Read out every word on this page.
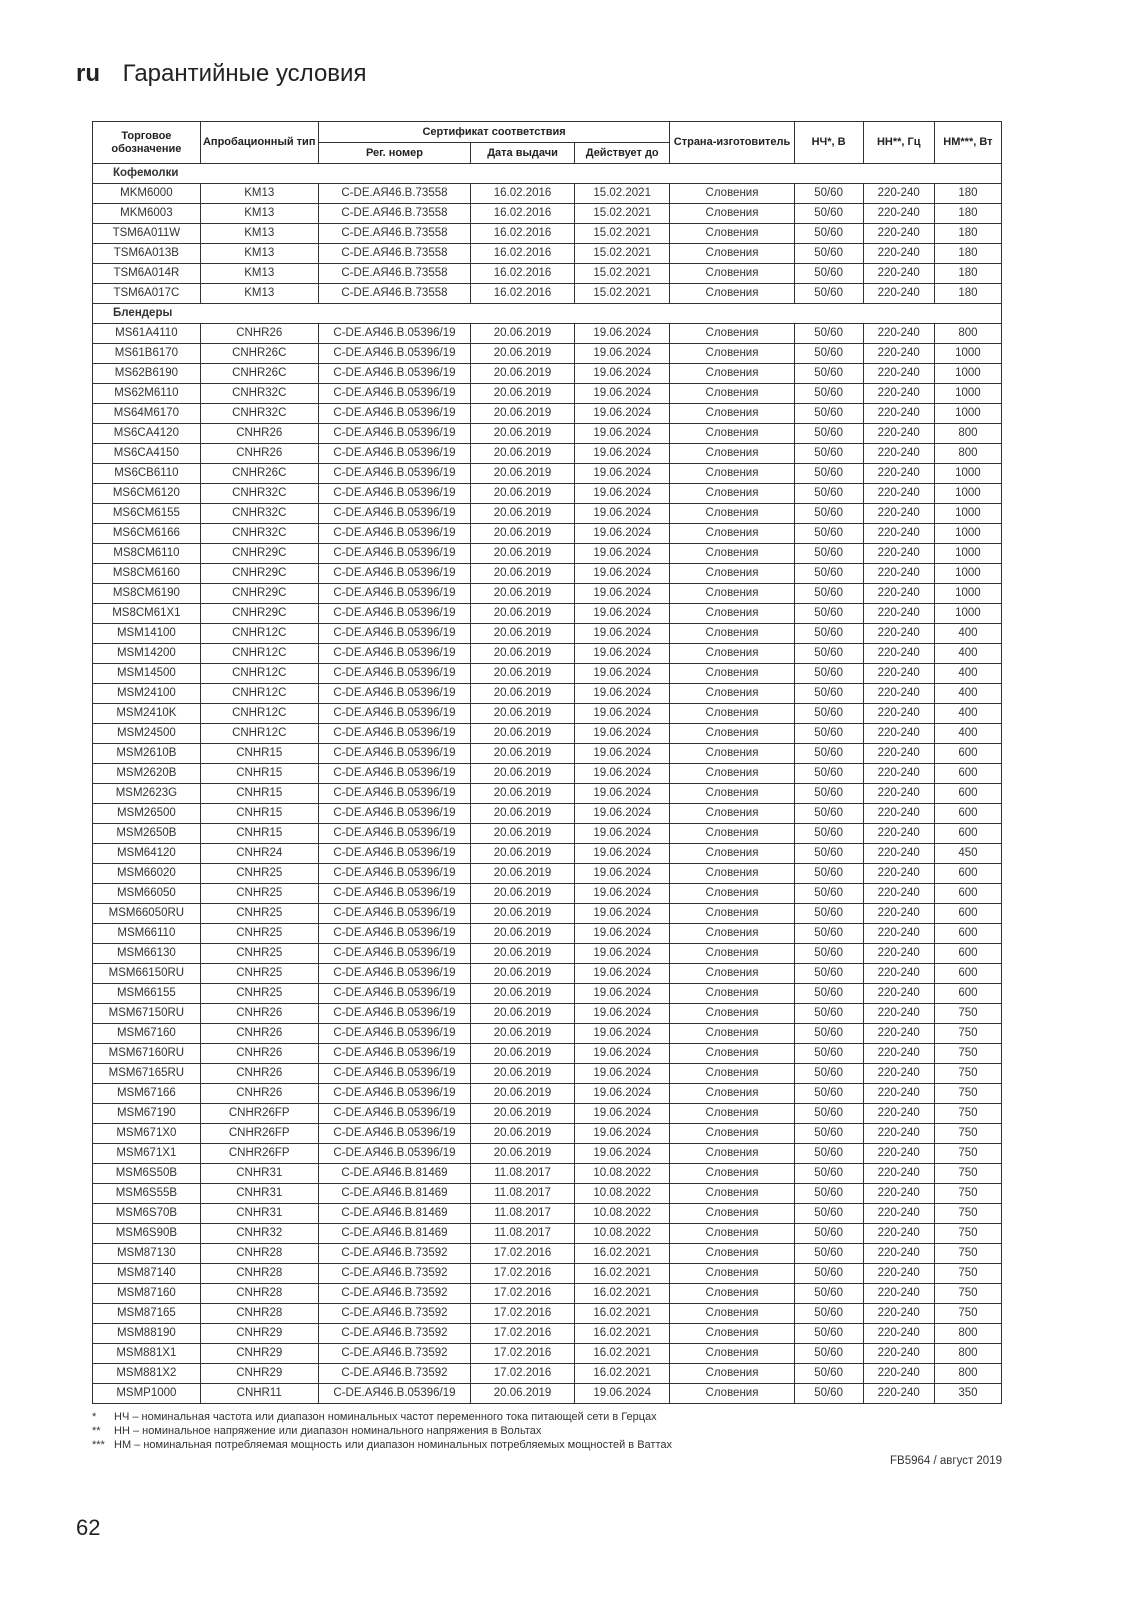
ru Гарантийные условия
Торговое обозначение	Апробационный тип	Сертификат соответствия			Страна-изготовитель	НЧ*, В	НН**, Гц	НМ***, Вт
		Рег. номер	Дата выдачи	Действует до				
Кофемолки								
MKM6000	KM13	C-DE.АЯ46.В.73558	16.02.2016	15.02.2021	Словения	50/60	220-240	180
MKM6003	KM13	C-DE.АЯ46.В.73558	16.02.2016	15.02.2021	Словения	50/60	220-240	180
TSM6A011W	KM13	C-DE.АЯ46.В.73558	16.02.2016	15.02.2021	Словения	50/60	220-240	180
TSM6A013B	KM13	C-DE.АЯ46.В.73558	16.02.2016	15.02.2021	Словения	50/60	220-240	180
TSM6A014R	KM13	C-DE.АЯ46.В.73558	16.02.2016	15.02.2021	Словения	50/60	220-240	180
TSM6A017C	KM13	C-DE.АЯ46.В.73558	16.02.2016	15.02.2021	Словения	50/60	220-240	180
Блендеры								
MS61A4110	CNHR26	C-DE.АЯ46.В.05396/19	20.06.2019	19.06.2024	Словения	50/60	220-240	800
MS61B6170	CNHR26C	C-DE.АЯ46.В.05396/19	20.06.2019	19.06.2024	Словения	50/60	220-240	1000
MS62B6190	CNHR26C	C-DE.АЯ46.В.05396/19	20.06.2019	19.06.2024	Словения	50/60	220-240	1000
MS62M6110	CNHR32C	C-DE.АЯ46.В.05396/19	20.06.2019	19.06.2024	Словения	50/60	220-240	1000
MS64M6170	CNHR32C	C-DE.АЯ46.В.05396/19	20.06.2019	19.06.2024	Словения	50/60	220-240	1000
MS6CA4120	CNHR26	C-DE.АЯ46.В.05396/19	20.06.2019	19.06.2024	Словения	50/60	220-240	800
MS6CA4150	CNHR26	C-DE.АЯ46.В.05396/19	20.06.2019	19.06.2024	Словения	50/60	220-240	800
MS6CB6110	CNHR26C	C-DE.АЯ46.В.05396/19	20.06.2019	19.06.2024	Словения	50/60	220-240	1000
MS6CM6120	CNHR32C	C-DE.АЯ46.В.05396/19	20.06.2019	19.06.2024	Словения	50/60	220-240	1000
MS6CM6155	CNHR32C	C-DE.АЯ46.В.05396/19	20.06.2019	19.06.2024	Словения	50/60	220-240	1000
MS6CM6166	CNHR32C	C-DE.АЯ46.В.05396/19	20.06.2019	19.06.2024	Словения	50/60	220-240	1000
MS8CM6110	CNHR29C	C-DE.АЯ46.В.05396/19	20.06.2019	19.06.2024	Словения	50/60	220-240	1000
MS8CM6160	CNHR29C	C-DE.АЯ46.В.05396/19	20.06.2019	19.06.2024	Словения	50/60	220-240	1000
MS8CM6190	CNHR29C	C-DE.АЯ46.В.05396/19	20.06.2019	19.06.2024	Словения	50/60	220-240	1000
MS8CM61X1	CNHR29C	C-DE.АЯ46.В.05396/19	20.06.2019	19.06.2024	Словения	50/60	220-240	1000
MSM14100	CNHR12C	C-DE.АЯ46.В.05396/19	20.06.2019	19.06.2024	Словения	50/60	220-240	400
MSM14200	CNHR12C	C-DE.АЯ46.В.05396/19	20.06.2019	19.06.2024	Словения	50/60	220-240	400
MSM14500	CNHR12C	C-DE.АЯ46.В.05396/19	20.06.2019	19.06.2024	Словения	50/60	220-240	400
MSM24100	CNHR12C	C-DE.АЯ46.В.05396/19	20.06.2019	19.06.2024	Словения	50/60	220-240	400
MSM2410K	CNHR12C	C-DE.АЯ46.В.05396/19	20.06.2019	19.06.2024	Словения	50/60	220-240	400
MSM24500	CNHR12C	C-DE.АЯ46.В.05396/19	20.06.2019	19.06.2024	Словения	50/60	220-240	400
MSM2610B	CNHR15	C-DE.АЯ46.В.05396/19	20.06.2019	19.06.2024	Словения	50/60	220-240	600
MSM2620B	CNHR15	C-DE.АЯ46.В.05396/19	20.06.2019	19.06.2024	Словения	50/60	220-240	600
MSM2623G	CNHR15	C-DE.АЯ46.В.05396/19	20.06.2019	19.06.2024	Словения	50/60	220-240	600
MSM26500	CNHR15	C-DE.АЯ46.В.05396/19	20.06.2019	19.06.2024	Словения	50/60	220-240	600
MSM2650B	CNHR15	C-DE.АЯ46.В.05396/19	20.06.2019	19.06.2024	Словения	50/60	220-240	600
MSM64120	CNHR24	C-DE.АЯ46.В.05396/19	20.06.2019	19.06.2024	Словения	50/60	220-240	450
MSM66020	CNHR25	C-DE.АЯ46.В.05396/19	20.06.2019	19.06.2024	Словения	50/60	220-240	600
MSM66050	CNHR25	C-DE.АЯ46.В.05396/19	20.06.2019	19.06.2024	Словения	50/60	220-240	600
MSM66050RU	CNHR25	C-DE.АЯ46.В.05396/19	20.06.2019	19.06.2024	Словения	50/60	220-240	600
MSM66110	CNHR25	C-DE.АЯ46.В.05396/19	20.06.2019	19.06.2024	Словения	50/60	220-240	600
MSM66130	CNHR25	C-DE.АЯ46.В.05396/19	20.06.2019	19.06.2024	Словения	50/60	220-240	600
MSM66150RU	CNHR25	C-DE.АЯ46.В.05396/19	20.06.2019	19.06.2024	Словения	50/60	220-240	600
MSM66155	CNHR25	C-DE.АЯ46.В.05396/19	20.06.2019	19.06.2024	Словения	50/60	220-240	600
MSM67150RU	CNHR26	C-DE.АЯ46.В.05396/19	20.06.2019	19.06.2024	Словения	50/60	220-240	750
MSM67160	CNHR26	C-DE.АЯ46.В.05396/19	20.06.2019	19.06.2024	Словения	50/60	220-240	750
MSM67160RU	CNHR26	C-DE.АЯ46.В.05396/19	20.06.2019	19.06.2024	Словения	50/60	220-240	750
MSM67165RU	CNHR26	C-DE.АЯ46.В.05396/19	20.06.2019	19.06.2024	Словения	50/60	220-240	750
MSM67166	CNHR26	C-DE.АЯ46.В.05396/19	20.06.2019	19.06.2024	Словения	50/60	220-240	750
MSM67190	CNHR26FP	C-DE.АЯ46.В.05396/19	20.06.2019	19.06.2024	Словения	50/60	220-240	750
MSM671X0	CNHR26FP	C-DE.АЯ46.В.05396/19	20.06.2019	19.06.2024	Словения	50/60	220-240	750
MSM671X1	CNHR26FP	C-DE.АЯ46.В.05396/19	20.06.2019	19.06.2024	Словения	50/60	220-240	750
MSM6S50B	CNHR31	C-DE.АЯ46.В.81469	11.08.2017	10.08.2022	Словения	50/60	220-240	750
MSM6S55B	CNHR31	C-DE.АЯ46.В.81469	11.08.2017	10.08.2022	Словения	50/60	220-240	750
MSM6S70B	CNHR31	C-DE.АЯ46.В.81469	11.08.2017	10.08.2022	Словения	50/60	220-240	750
MSM6S90B	CNHR32	C-DE.АЯ46.В.81469	11.08.2017	10.08.2022	Словения	50/60	220-240	750
MSM87130	CNHR28	C-DE.АЯ46.В.73592	17.02.2016	16.02.2021	Словения	50/60	220-240	750
MSM87140	CNHR28	C-DE.АЯ46.В.73592	17.02.2016	16.02.2021	Словения	50/60	220-240	750
MSM87160	CNHR28	C-DE.АЯ46.В.73592	17.02.2016	16.02.2021	Словения	50/60	220-240	750
MSM87165	CNHR28	C-DE.АЯ46.В.73592	17.02.2016	16.02.2021	Словения	50/60	220-240	750
MSM88190	CNHR29	C-DE.АЯ46.В.73592	17.02.2016	16.02.2021	Словения	50/60	220-240	800
MSM881X1	CNHR29	C-DE.АЯ46.В.73592	17.02.2016	16.02.2021	Словения	50/60	220-240	800
MSM881X2	CNHR29	C-DE.АЯ46.В.73592	17.02.2016	16.02.2021	Словения	50/60	220-240	800
MSMP1000	CNHR11	C-DE.АЯ46.В.05396/19	20.06.2019	19.06.2024	Словения	50/60	220-240	350
* НЧ – номинальная частота или диапазон номинальных частот переменного тока питающей сети в Герцах
** НН – номинальное напряжение или диапазон номинального напряжения в Вольтах
*** НМ – номинальная потребляемая мощность или диапазон номинальных потребляемых мощностей в Ваттах
FB5964 / август 2019
62
